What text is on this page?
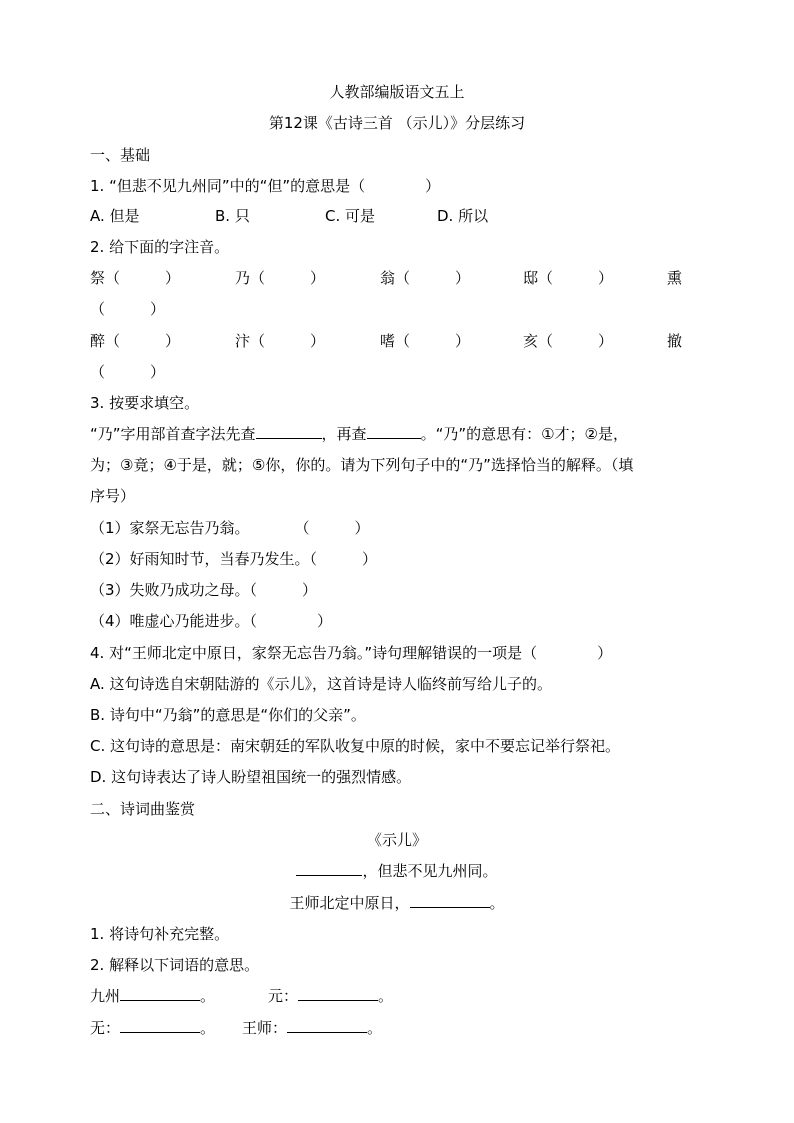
人教部编版语文五上
第12课《古诗三首 （示儿）》分层练习
一、基础
1. “但悲不见九州同”中的“但”的意思是（　　　　）
A. 但是	B. 只	C. 可是	D. 所以
2. 给下面的字注音。
祭（　　　）	乃（　　　）	翁（　　　）	邸（　　　）	熏
（　　　）
醉（　　　）	汴（　　　）	嗜（　　　）	亥（　　　）	撤
（　　　）
3. 按要求填空。
“乃”字用部首查字法先查	，再查	。“乃”的意思有：①才；②是，
为；③竟；④于是，就；⑤你，你的。请为下列句子中的“乃”选择恰当的解释。（填
序号）
（1）家祭无忘告乃翁。　　　　（　　　）
（2）好雨知时节，当春乃发生。（　　　）
（3）失败乃成功之母。（　　　）
（4）唯虚心乃能进步。（　　　　）
4. 对“王师北定中原日，家祭无忘告乃翁。”诗句理解错误的一项是（　　　　）
A. 这句诗选自宋朝陆游的《示儿》，这首诗是诗人临终前写给儿子的。
B. 诗句中“乃翁”的意思是“你们的父亲”。
C. 这句诗的意思是：南宋朝廷的军队收复中原的时候，家中不要忘记举行祭祀。
D. 这句诗表达了诗人盼望祖国统一的强烈情感。
二、诗词曲鉴赏
《示儿》
，但悲不见九州同。
王师北定中原日，	。
1. 将诗句补充完整。
2. 解释以下词语的意思。
九州	。	元：	。
无：	。 王师：	。
